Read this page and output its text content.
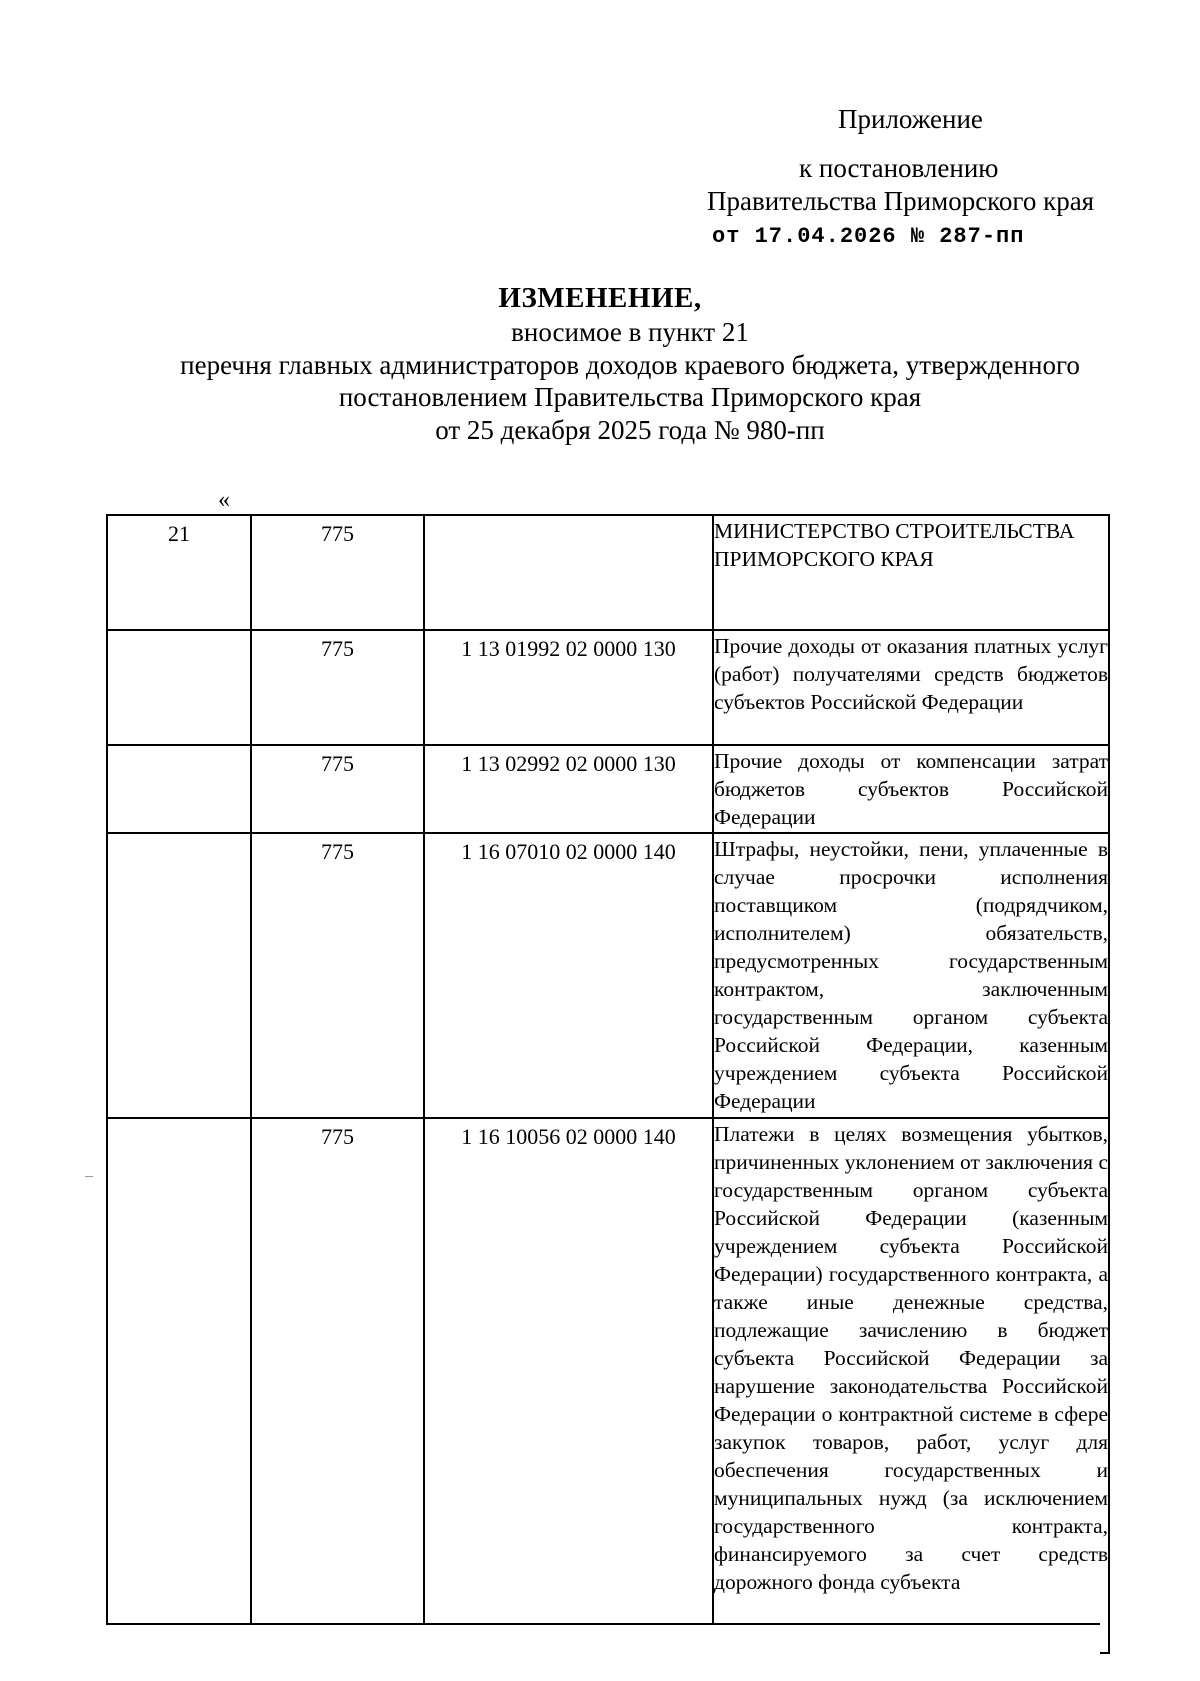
Приложение
к постановлению
Правительства Приморского края
от 17.04.2026 № 287-пп
ИЗМЕНЕНИЕ,
вносимое в пункт 21
перечня главных администраторов доходов краевого бюджета, утвержденного
постановлением Правительства Приморского края
от 25 декабря 2025 года № 980-пп
«
21	775		МИНИСТЕРСТВО СТРОИТЕЛЬСТВА ПРИМОРСКОГО КРАЯ
	775	1 13 01992 02 0000 130	Прочие доходы от оказания платных услуг (работ) получателями средств бюджетов субъектов Российской Федерации
	775	1 13 02992 02 0000 130	Прочие доходы от компенсации затрат бюджетов субъектов Российской Федерации
	775	1 16 07010 02 0000 140	Штрафы, неустойки, пени, уплаченные в случае просрочки исполнения поставщиком (подрядчиком, исполнителем) обязательств, предусмотренных государственным контрактом, заключенным государственным органом субъекта Российской Федерации, казенным учреждением субъекта Российской Федерации
	775	1 16 10056 02 0000 140	Платежи в целях возмещения убытков, причиненных уклонением от заключения с государственным органом субъекта Российской Федерации (казенным учреждением субъекта Российской Федерации) государственного контракта, а также иные денежные средства, подлежащие зачислению в бюджет субъекта Российской Федерации за нарушение законодательства Российской Федерации о контрактной системе в сфере закупок товаров, работ, услуг для обеспечения государственных и муниципальных нужд (за исключением государственного контракта, финансируемого за счет средств дорожного фонда субъекта
